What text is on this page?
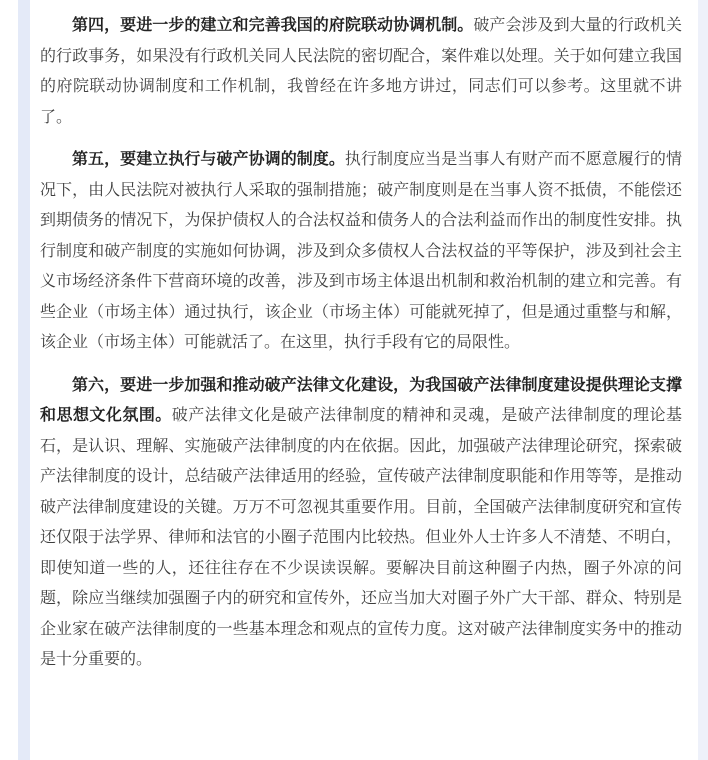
第四，要进一步的建立和完善我国的府院联动协调机制。破产会涉及到大量的行政机关的行政事务，如果没有行政机关同人民法院的密切配合，案件难以处理。关于如何建立我国的府院联动协调制度和工作机制，我曾经在许多地方讲过，同志们可以参考。这里就不讲了。

第五，要建立执行与破产协调的制度。执行制度应当是当事人有财产而不愿意履行的情况下，由人民法院对被执行人采取的强制措施；破产制度则是在当事人资不抵债，不能偿还到期债务的情况下，为保护债权人的合法权益和债务人的合法利益而作出的制度性安排。执行制度和破产制度的实施如何协调，涉及到众多债权人合法权益的平等保护，涉及到社会主义市场经济条件下营商环境的改善，涉及到市场主体退出机制和救治机制的建立和完善。有些企业（市场主体）通过执行，该企业（市场主体）可能就死掉了，但是通过重整与和解，该企业（市场主体）可能就活了。在这里，执行手段有它的局限性。

第六，要进一步加强和推动破产法律文化建设，为我国破产法律制度建设提供理论支撑和思想文化氛围。破产法律文化是破产法律制度的精神和灵魂，是破产法律制度的理论基石，是认识、理解、实施破产法律制度的内在依据。因此，加强破产法律理论研究，探索破产法律制度的设计，总结破产法律适用的经验，宣传破产法律制度职能和作用等等，是推动破产法律制度建设的关键。万万不可忽视其重要作用。目前，全国破产法律制度研究和宣传还仅限于法学界、律师和法官的小圈子范围内比较热。但业外人士许多人不清楚、不明白，即使知道一些的人，还往往存在不少误读误解。要解决目前这种圈子内热，圈子外凉的问题，除应当继续加强圈子内的研究和宣传外，还应当加大对圈子外广大干部、群众、特别是企业家在破产法律制度的一些基本理念和观点的宣传力度。这对破产法律制度实务中的推动是十分重要的。
